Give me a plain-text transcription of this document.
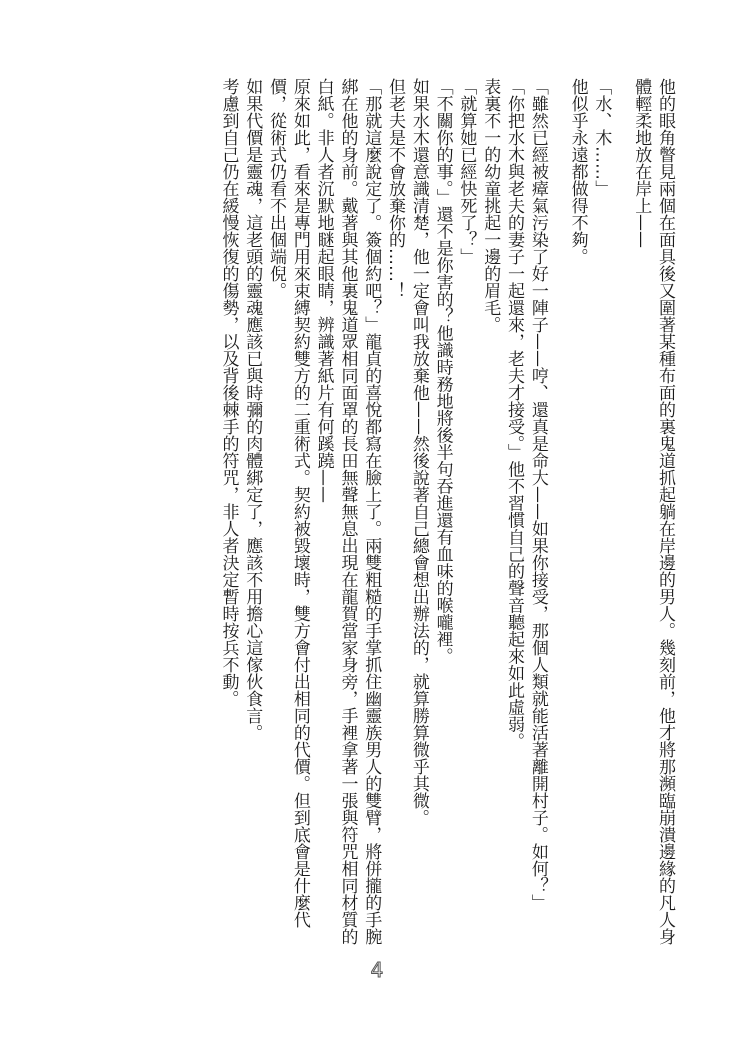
他的眼角瞥見兩個在面具後又圍著某種布面的裏鬼道抓起躺在岸邊的男人。幾刻前，他才將那瀕臨崩潰邊緣的凡人身體輕柔地放在岸上——

「水、木……」

他似乎永遠都做得不夠。

「雖然已經被瘴氣污染了好一陣子——哼、還真是命大——如果你接受，那個人類就能活著離開村子。如何？」

「你把水木與老夫的妻子一起還來，老夫才接受。」他不習慣自己的聲音聽起來如此虛弱。

表裏不一的幼童挑起一邊的眉毛。

「就算她已經快死了？」

「不關你的事。」還不是你害的？他識時務地將後半句吞進還有血味的喉嚨裡。

如果水木還意識清楚，他一定會叫我放棄他——然後說著自己總會想出辦法的，就算勝算微乎其微。

但老夫是不會放棄你的……！

「那就這麼說定了。簽個約吧？」龍貞的喜悅都寫在臉上了。兩雙粗糙的手掌抓住幽靈族男人的雙臂，將併攏的手腕綁在他的身前。戴著與其他裏鬼道眾相同面罩的長田無聲無息出現在龍賀當家身旁，手裡拿著一張與符咒相同材質的白紙。非人者沉默地瞇起眼睛，辨識著紙片有何蹊蹺——

原來如此，看來是專門用來束縛契約雙方的二重術式。契約被毀壞時，雙方會付出相同的代價。但到底會是什麼代價，從術式仍看不出個端倪。

如果代價是靈魂，這老頭的靈魂應該已與時彌的肉體綁定了，應該不用擔心這傢伙食言。

考慮到自己仍在緩慢恢復的傷勢，以及背後棘手的符咒，非人者決定暫時按兵不動。

4
